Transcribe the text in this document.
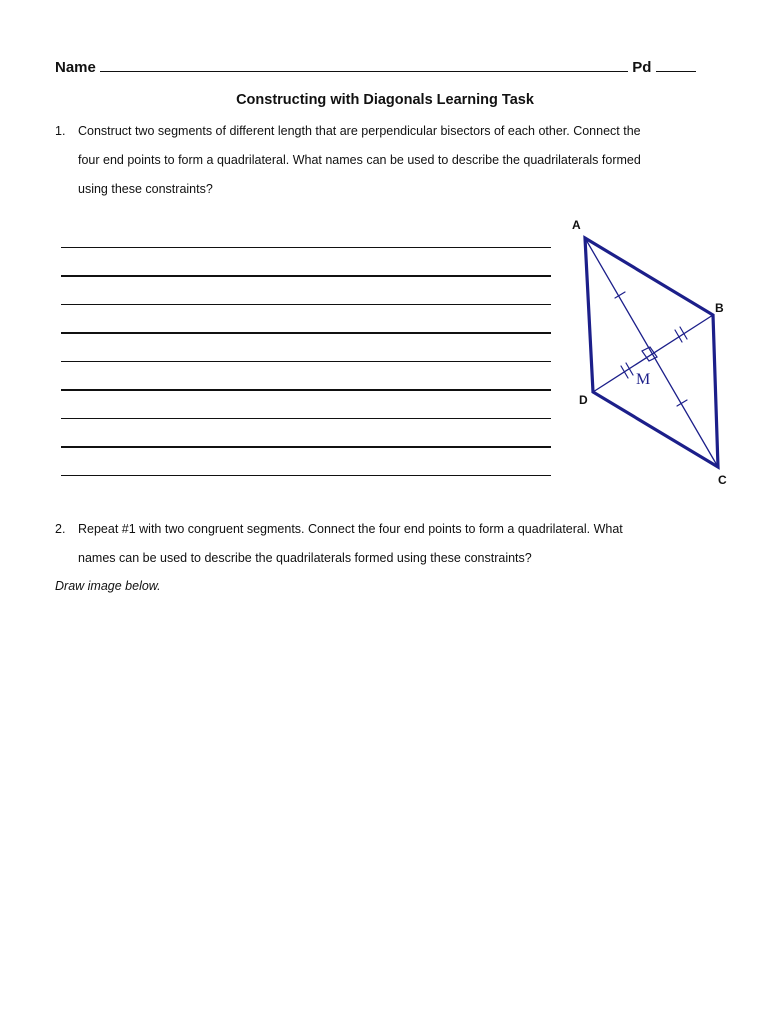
Name	Pd
Constructing with Diagonals Learning Task
1. Construct two segments of different length that are perpendicular bisectors of each other. Connect the
four end points to form a quadrilateral. What names can be used to describe the quadrilaterals formed
using these constraints?
A
B
C
D
M
2. Repeat #1 with two congruent segments. Connect the four end points to form a quadrilateral. What
names can be used to describe the quadrilaterals formed using these constraints?
Draw image below.
